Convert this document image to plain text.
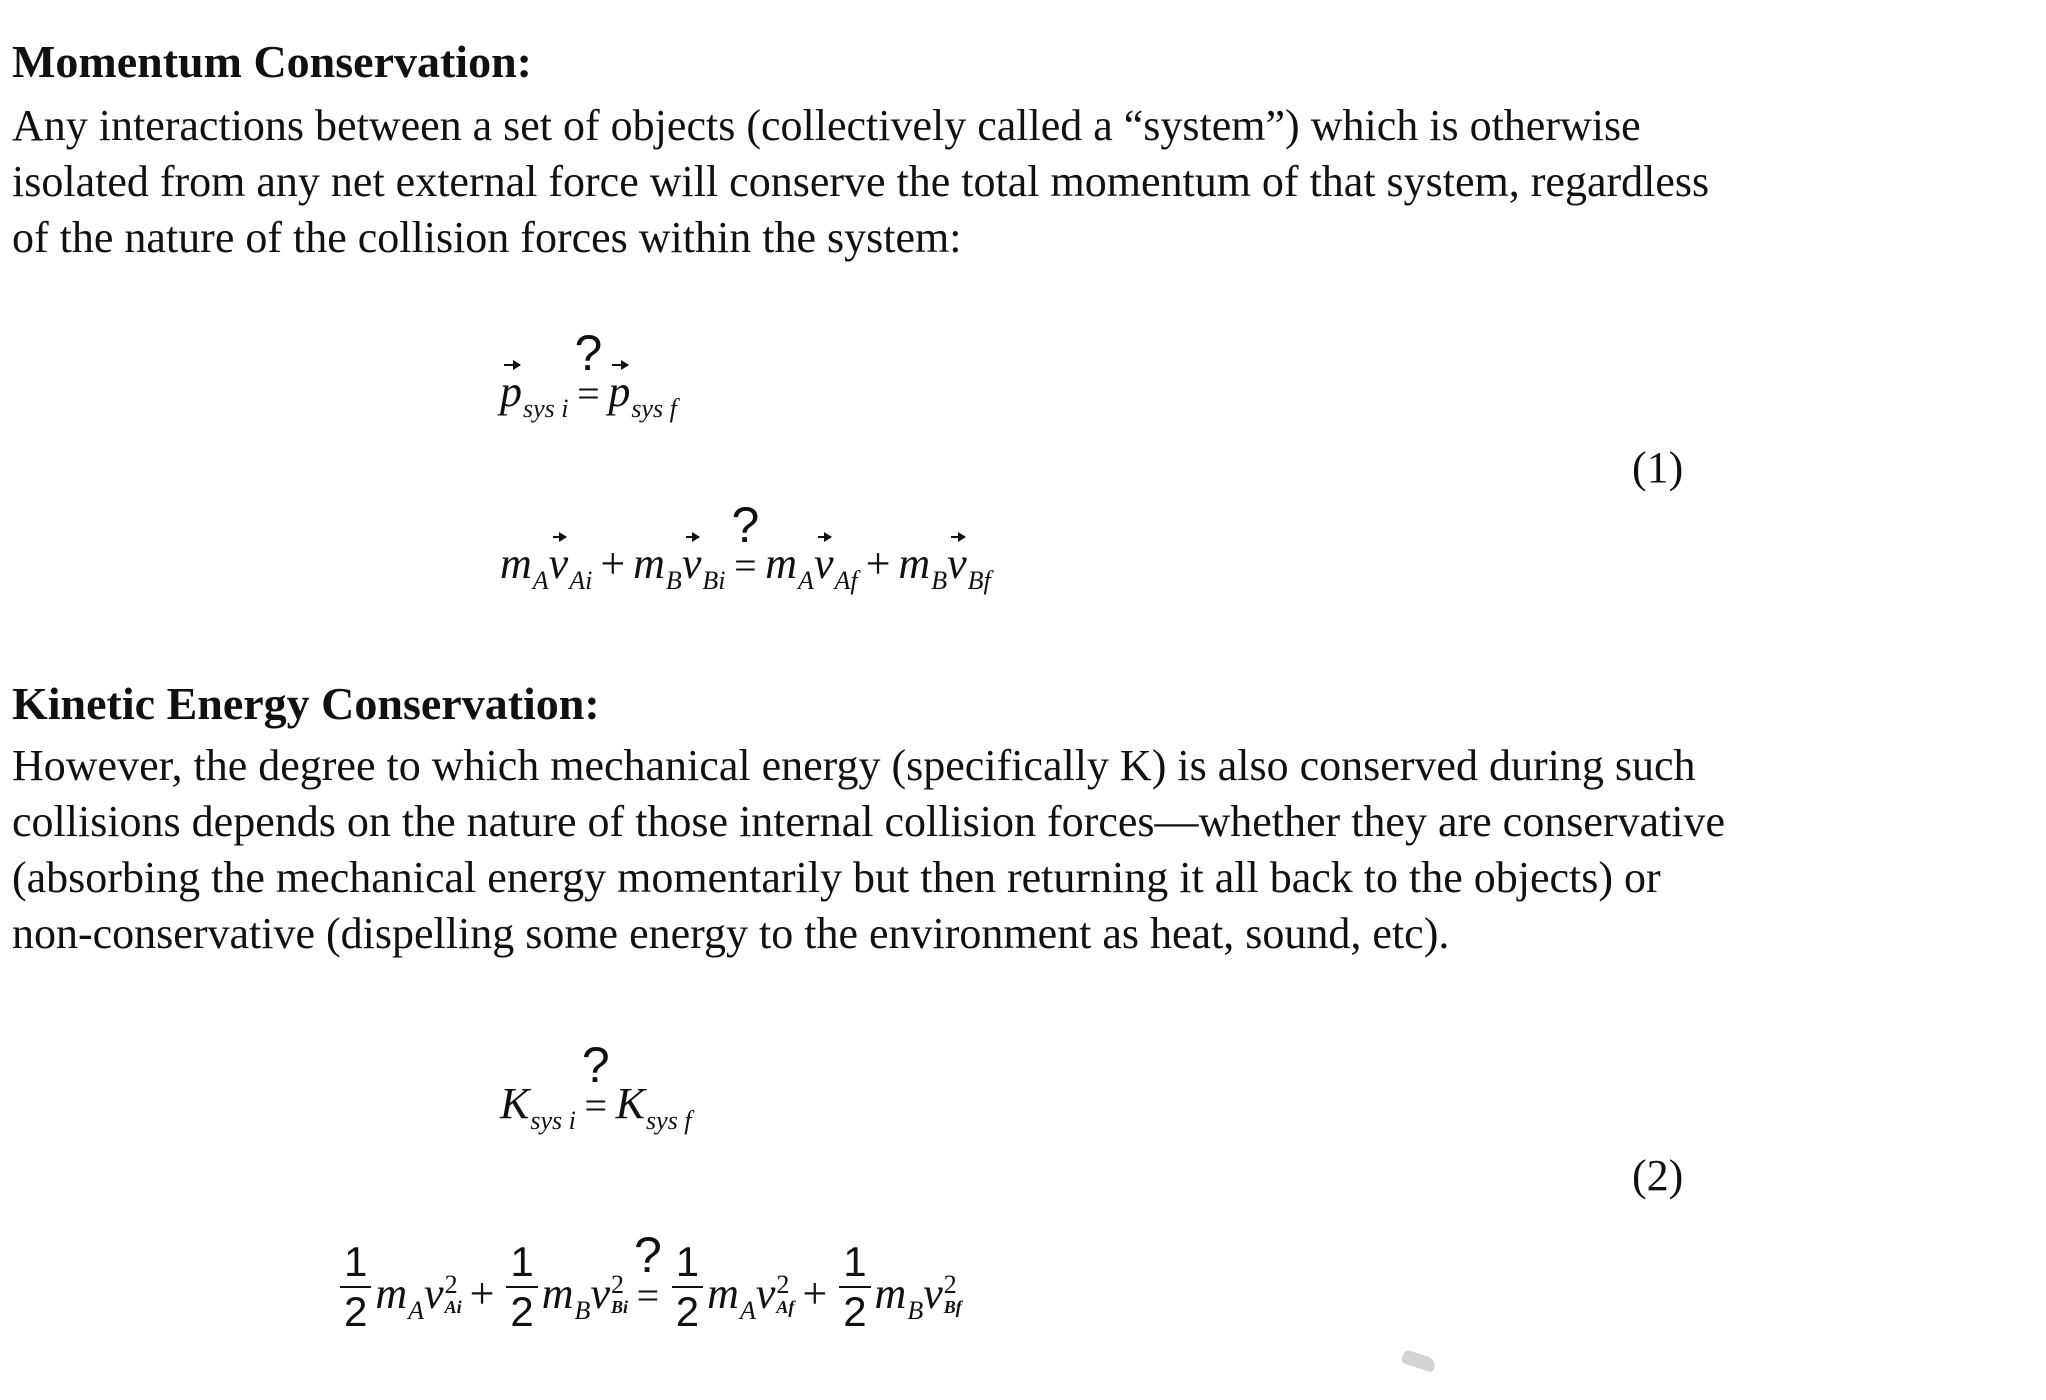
Momentum Conservation:

Any interactions between a set of objects (collectively called a “system”) which is otherwise
isolated from any net external force will conserve the total momentum of that system, regardless
of the nature of the collision forces within the system:

p sys i
?
= p sys f
(1)
m A v Ai + m B v Bi
?
= m A v Af + m B v Bf
Kinetic Energy Conservation:

However, the degree to which mechanical energy (specifically K) is also conserved during such
collisions depends on the nature of those internal collision forces—whether they are conservative
(absorbing the mechanical energy momentarily but then returning it all back to the objects) or
non-conservative (dispelling some energy to the environment as heat, sound, etc).

K sys i
?
= K sys f
(2)
$\frac{1}{2}$ m A v 2
$Ai + \frac{1}{2}$ m B v 2
Bi
?
= $\frac{1}{2}$ m A v 2
$Af + \frac{1}{2}$ m B v 2
Bf
